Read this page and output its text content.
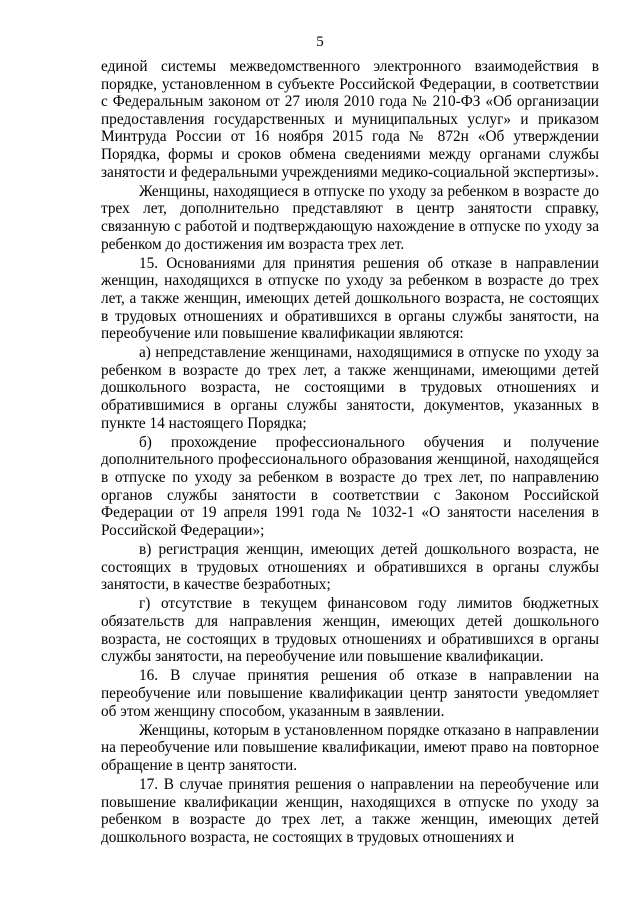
5

единой системы межведомственного электронного взаимодействия в порядке, установленном в субъекте Российской Федерации, в соответствии с Федеральным законом от 27 июля 2010 года № 210-ФЗ «Об организации предоставления государственных и муниципальных услуг» и приказом Минтруда России от 16 ноября 2015 года № 872н «Об утверждении Порядка, формы и сроков обмена сведениями между органами службы занятости и федеральными учреждениями медико-социальной экспертизы».

Женщины, находящиеся в отпуске по уходу за ребенком в возрасте до трех лет, дополнительно представляют в центр занятости справку, связанную с работой и подтверждающую нахождение в отпуске по уходу за ребенком до достижения им возраста трех лет.

15. Основаниями для принятия решения об отказе в направлении женщин, находящихся в отпуске по уходу за ребенком в возрасте до трех лет, а также женщин, имеющих детей дошкольного возраста, не состоящих в трудовых отношениях и обратившихся в органы службы занятости, на переобучение или повышение квалификации являются:

а) непредставление женщинами, находящимися в отпуске по уходу за ребенком в возрасте до трех лет, а также женщинами, имеющими детей дошкольного возраста, не состоящими в трудовых отношениях и обратившимися в органы службы занятости, документов, указанных в пункте 14 настоящего Порядка;

б) прохождение профессионального обучения и получение дополнительного профессионального образования женщиной, находящейся в отпуске по уходу за ребенком в возрасте до трех лет, по направлению органов службы занятости в соответствии с Законом Российской Федерации от 19 апреля 1991 года № 1032-1 «О занятости населения в Российской Федерации»;

в) регистрация женщин, имеющих детей дошкольного возраста, не состоящих в трудовых отношениях и обратившихся в органы службы занятости, в качестве безработных;

г) отсутствие в текущем финансовом году лимитов бюджетных обязательств для направления женщин, имеющих детей дошкольного возраста, не состоящих в трудовых отношениях и обратившихся в органы службы занятости, на переобучение или повышение квалификации.

16. В случае принятия решения об отказе в направлении на переобучение или повышение квалификации центр занятости уведомляет об этом женщину способом, указанным в заявлении.

Женщины, которым в установленном порядке отказано в направлении на переобучение или повышение квалификации, имеют право на повторное обращение в центр занятости.

17. В случае принятия решения о направлении на переобучение или повышение квалификации женщин, находящихся в отпуске по уходу за ребенком в возрасте до трех лет, а также женщин, имеющих детей дошкольного возраста, не состоящих в трудовых отношениях и
